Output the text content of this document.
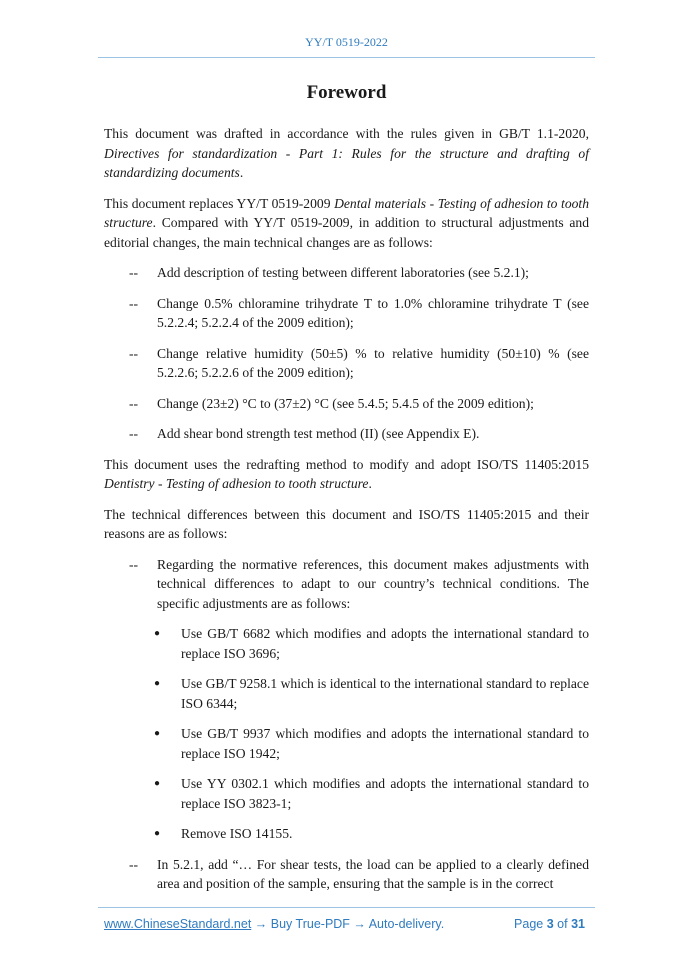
YY/T 0519-2022
Foreword

This document was drafted in accordance with the rules given in GB/T 1.1-2020, Directives for standardization - Part 1: Rules for the structure and drafting of standardizing documents.

This document replaces YY/T 0519-2009 Dental materials - Testing of adhesion to tooth structure. Compared with YY/T 0519-2009, in addition to structural adjustments and editorial changes, the main technical changes are as follows:

-- Add description of testing between different laboratories (see 5.2.1);
-- Change 0.5% chloramine trihydrate T to 1.0% chloramine trihydrate T (see 5.2.2.4; 5.2.2.4 of the 2009 edition);
-- Change relative humidity (50±5) % to relative humidity (50±10) % (see 5.2.2.6; 5.2.2.6 of the 2009 edition);
-- Change (23±2) °C to (37±2) °C (see 5.4.5; 5.4.5 of the 2009 edition);
-- Add shear bond strength test method (II) (see Appendix E).

This document uses the redrafting method to modify and adopt ISO/TS 11405:2015 Dentistry - Testing of adhesion to tooth structure.

The technical differences between this document and ISO/TS 11405:2015 and their reasons are as follows:

-- Regarding the normative references, this document makes adjustments with technical differences to adapt to our country’s technical conditions. The specific adjustments are as follows:
● Use GB/T 6682 which modifies and adopts the international standard to replace ISO 3696;
● Use GB/T 9258.1 which is identical to the international standard to replace ISO 6344;
● Use GB/T 9937 which modifies and adopts the international standard to replace ISO 1942;
● Use YY 0302.1 which modifies and adopts the international standard to replace ISO 3823-1;
● Remove ISO 14155.
-- In 5.2.1, add “… For shear tests, the load can be applied to a clearly defined area and position of the sample, ensuring that the sample is in the correct
www.ChineseStandard.net → Buy True-PDF → Auto-delivery.	Page 3 of 31
